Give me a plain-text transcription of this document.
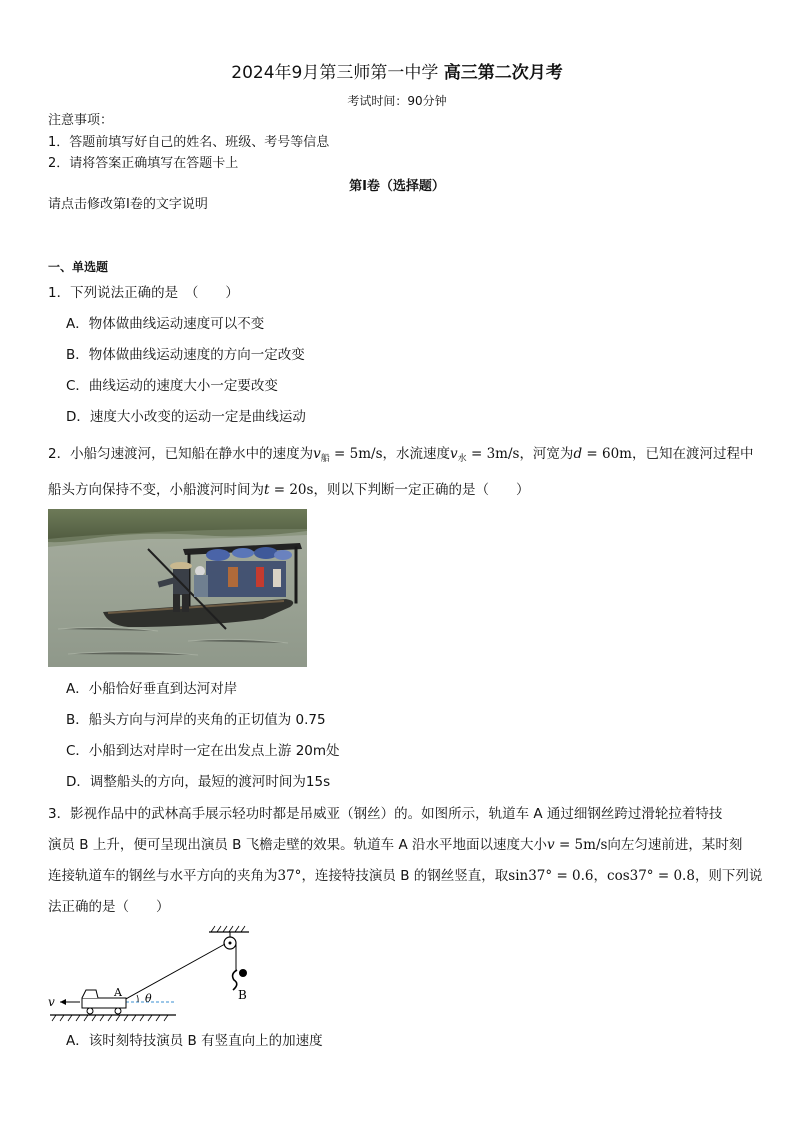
2024年9月第三师第一中学 高三第二次月考
考试时间：90分钟
注意事项：
1．答题前填写好自己的姓名、班级、考号等信息
2．请将答案正确填写在答题卡上
第Ⅰ卷（选择题）
请点击修改第Ⅰ卷的文字说明
一、单选题
1．下列说法正确的是　（　　）
A．物体做曲线运动速度可以不变
B．物体做曲线运动速度的方向一定改变
C．曲线运动的速度大小一定要改变
D．速度大小改变的运动一定是曲线运动
2．小船匀速渡河，已知船在静水中的速度为$v_船 = 5m/s$，水流速度$v_水 = 3m/s$，河宽为d = 60m，已知在渡河过程中
船头方向保持不变，小船渡河时间为t = 20s，则以下判断一定正确的是（　　）
A．小船恰好垂直到达河对岸
B．船头方向与河岸的夹角的正切值为 0.75
C．小船到达对岸时一定在出发点上游 20m处
D．调整船头的方向，最短的渡河时间为15s
3．影视作品中的武林高手展示轻功时都是吊威亚（钢丝）的。如图所示，轨道车 A 通过细钢丝跨过滑轮拉着特技
演员 B 上升，便可呈现出演员 B 飞檐走壁的效果。轨道车 A 沿水平地面以速度大小v = 5m/s向左匀速前进，某时刻
连接轨道车的钢丝与水平方向的夹角为37°，连接特技演员 B 的钢丝竖直，取sin37° = 0.6，cos37° = 0.8，则下列说
法正确的是（　　）
B
θ
A
v
A．该时刻特技演员 B 有竖直向上的加速度
